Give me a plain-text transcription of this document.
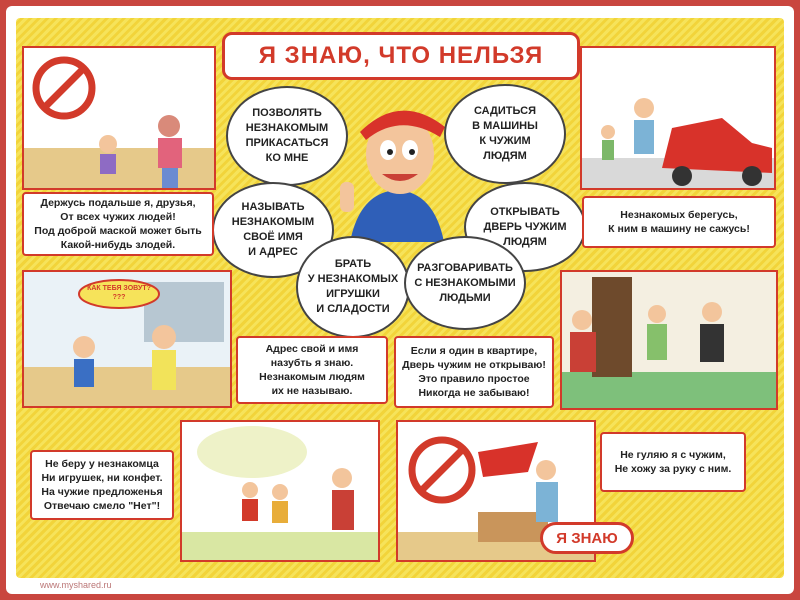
Я ЗНАЮ, ЧТО НЕЛЬЗЯ
КАК ТЕБЯ ЗОВУТ?
???
ПОЗВОЛЯТЬ
НЕЗНАКОМЫМ
ПРИКАСАТЬСЯ
КО МНЕ
САДИТЬСЯ
В МАШИНЫ
К ЧУЖИМ
ЛЮДЯМ
НАЗЫВАТЬ
НЕЗНАКОМЫМ
СВОЁ ИМЯ
И АДРЕС
ОТКРЫВАТЬ
ДВЕРЬ ЧУЖИМ
ЛЮДЯМ
БРАТЬ
У НЕЗНАКОМЫХ
ИГРУШКИ
И СЛАДОСТИ
РАЗГОВАРИВАТЬ
С НЕЗНАКОМЫМИ
ЛЮДЬМИ
Держусь подальше я, друзья,
От всех чужих людей!
Под доброй маской может быть
Какой-нибудь злодей.
Незнакомых берегусь,
К ним в машину не сажусь!
Адрес свой и имя
назубть я знаю.
Незнакомым людям
их не называю.
Если я один в квартире,
Дверь чужим не открываю!
Это правило простое
Никогда не забываю!
Не беру у незнакомца
Ни игрушек, ни конфет.
На чужие предложенья
Отвечаю смело "Нет"!
Не гуляю я с чужим,
Не хожу за руку с ним.
Я ЗНАЮ
www.myshared.ru
